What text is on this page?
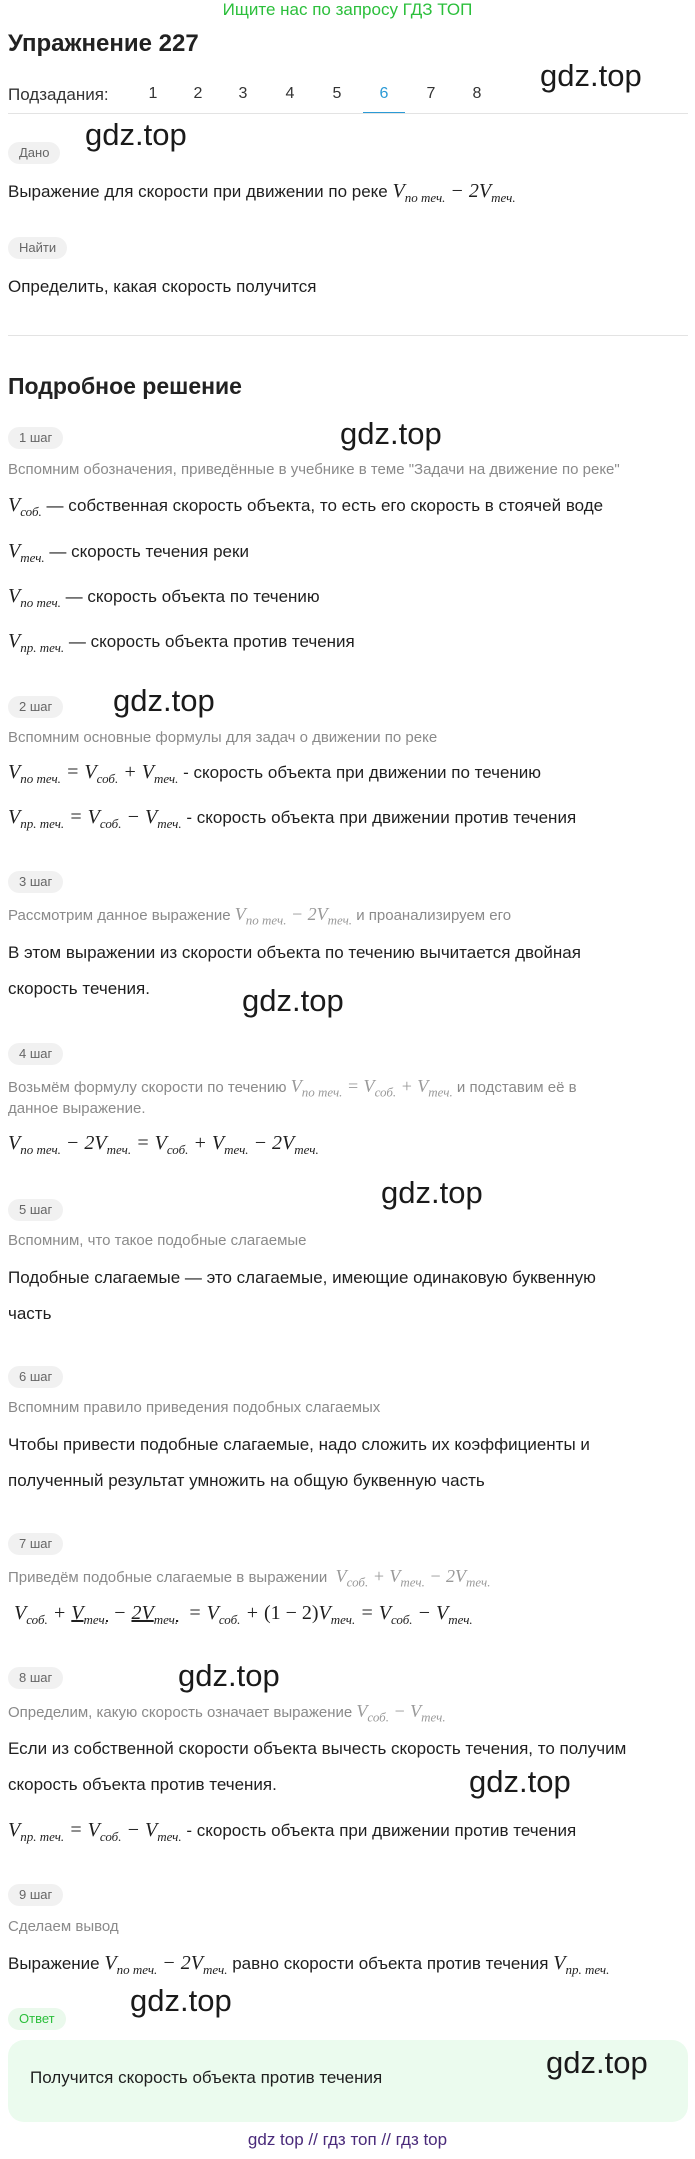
Ищите нас по запросу ГДЗ ТОП
Упражнение 227
Подзадания:	1	2	3	4	5	6	7	8
gdz.top
Дано
gdz.top
Выражение для скорости при движении по реке $V_{по теч.} - 2V_{теч.}$
Найти
Определить, какая скорость получится
Подробное решение
1 шаг	gdz.top
Вспомним обозначения, приведённые в учебнике в теме "Задачи на движение по реке"
$V_{соб.}$ — собственная скорость объекта, то есть его скорость в стоячей воде
$V_{теч.}$ — скорость течения реки
$V_{по теч.}$ — скорость объекта по течению
$V_{пр. теч.}$ — скорость объекта против течения
2 шаг	gdz.top
Вспомним основные формулы для задач о движении по реке
$V_{по теч.} = V_{соб.} + V_{теч.}$ - скорость объекта при движении по течению
$V_{пр. теч.} = V_{соб.} - V_{теч.}$ - скорость объекта при движении против течения
3 шаг
Рассмотрим данное выражение $V_{по теч.} - 2V_{теч.}$ и проанализируем его
В этом выражении из скорости объекта по течению вычитается двойная
скорость течения.	gdz.top
4 шаг
Возьмём формулу скорости по течению $V_{по теч.} = V_{соб.} + V_{теч.}$ и подставим её в
данное выражение.
$V_{по теч.} - 2V_{теч.} = V_{соб.} + V_{теч.} - 2V_{теч.}$
gdz.top
5 шаг
Вспомним, что такое подобные слагаемые
Подобные слагаемые — это слагаемые, имеющие одинаковую буквенную
часть
6 шаг
Вспомним правило приведения подобных слагаемых
Чтобы привести подобные слагаемые, надо сложить их коэффициенты и
полученный результат умножить на общую буквенную часть
7 шаг
Приведём подобные слагаемые в выражении $V_{соб.} + V_{теч.} - 2V_{теч.}$
$V_{соб.} + V_{теч.} - 2V_{теч.} = V_{соб.} + (1 - 2)V_{теч.} = V_{соб.} - V_{теч.}$
8 шаг	gdz.top
Определим, какую скорость означает выражение $V_{соб.} - V_{теч.}$
Если из собственной скорости объекта вычесть скорость течения, то получим
скорость объекта против течения.	gdz.top
$V_{пр. теч.} = V_{соб.} - V_{теч.}$ - скорость объекта при движении против течения
9 шаг
Сделаем вывод
Выражение $V_{по теч.} - 2V_{теч.}$ равно скорости объекта против течения $V_{пр. теч.}$
gdz.top
Ответ
Получится скорость объекта против течения	gdz.top
gdz top // гдз топ // гдз top
